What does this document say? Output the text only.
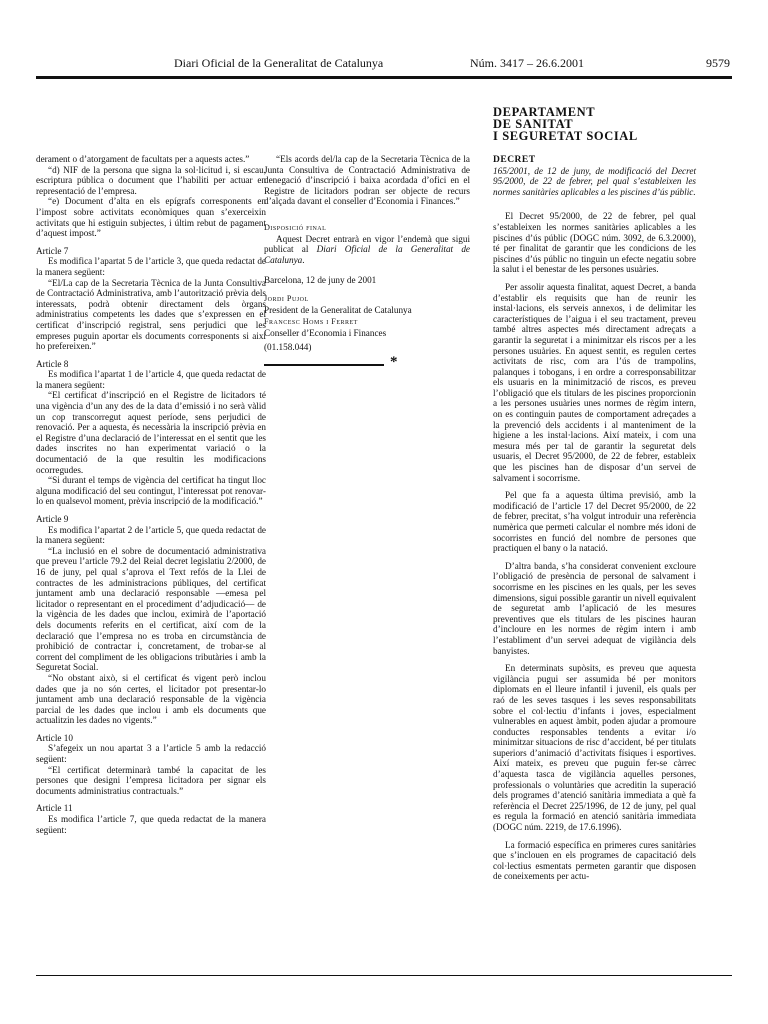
Diari Oficial de la Generalitat de Catalunya	Núm. 3417 – 26.6.2001	9579

derament o d’atorgament de facultats per a aquests actes.”

“d) NIF de la persona que signa la sol·licitud i, si escau, escriptura pública o document que l’habiliti per actuar en representació de l’empresa.

“e) Document d’alta en els epígrafs corresponents en l’impost sobre activitats econòmiques quan s’exerceixin activitats que hi estiguin subjectes, i últim rebut de pagament d’aquest impost.”

Article 7

Es modifica l’apartat 5 de l’article 3, que queda redactat de la manera següent:

“El/La cap de la Secretaria Tècnica de la Junta Consultiva de Contractació Administrativa, amb l’autorització prèvia dels interessats, podrà obtenir directament dels òrgans administratius competents les dades que s’expressen en el certificat d’inscripció registral, sens perjudici que les empreses puguin aportar els documents corresponents si així ho prefereixen.”

Article 8

Es modifica l’apartat 1 de l’article 4, que queda redactat de la manera següent:

“El certificat d’inscripció en el Registre de licitadors té una vigència d’un any des de la data d’emissió i no serà vàlid un cop transcorregut aquest període, sens perjudici de renovació. Per a aquesta, és necessària la inscripció prèvia en el Registre d’una declaració de l’interessat en el sentit que les dades inscrites no han experimentat variació o la documentació de la que resultin les modificacions ocorregudes.

“Si durant el temps de vigència del certificat ha tingut lloc alguna modificació del seu contingut, l’interessat pot renovar-lo en qualsevol moment, prèvia inscripció de la modificació.”

Article 9

Es modifica l’apartat 2 de l’article 5, que queda redactat de la manera següent:

“La inclusió en el sobre de documentació administrativa que preveu l’article 79.2 del Reial decret legislatiu 2/2000, de 16 de juny, pel qual s’aprova el Text refós de la Llei de contractes de les administracions públiques, del certificat juntament amb una declaració responsable —emesa pel licitador o representant en el procediment d’adjudicació— de la vigència de les dades que inclou, eximirà de l’aportació dels documents referits en el certificat, així com de la declaració que l’empresa no es troba en circumstància de prohibició de contractar i, concretament, de trobar-se al corrent del compliment de les obligacions tributàries i amb la Seguretat Social.

“No obstant això, si el certificat és vigent però inclou dades que ja no són certes, el licitador pot presentar-lo juntament amb una declaració responsable de la vigència parcial de les dades que inclou i amb els documents que actualitzin les dades no vigents.”

Article 10

S’afegeix un nou apartat 3 a l’article 5 amb la redacció següent:

“El certificat determinarà també la capacitat de les persones que designi l’empresa licitadora per signar els documents administratius contractuals.”

Article 11

Es modifica l’article 7, que queda redactat de la manera següent:

“Els acords del/la cap de la Secretaria Tècnica de la Junta Consultiva de Contractació Administrativa de denegació d’inscripció i baixa acordada d’ofici en el Registre de licitadors podran ser objecte de recurs d’alçada davant el conseller d’Economia i Finances.”

Disposició final

Aquest Decret entrarà en vigor l’endemà que sigui publicat al Diari Oficial de la Generalitat de Catalunya.

Barcelona, 12 de juny de 2001

Jordi Pujol

President de la Generalitat de Catalunya

Francesc Homs i Ferret

Conseller d’Economia i Finances

(01.158.044)

*

DEPARTAMENT
DE SANITAT
I SEGURETAT SOCIAL

DECRET

165/2001, de 12 de juny, de modificació del Decret 95/2000, de 22 de febrer, pel qual s’estableixen les normes sanitàries aplicables a les piscines d’ús públic.

El Decret 95/2000, de 22 de febrer, pel qual s’estableixen les normes sanitàries aplicables a les piscines d’ús públic (DOGC núm. 3092, de 6.3.2000), té per finalitat de garantir que les condicions de les piscines d’ús públic no tinguin un efecte negatiu sobre la salut i el benestar de les persones usuàries.

Per assolir aquesta finalitat, aquest Decret, a banda d’establir els requisits que han de reunir les instal·lacions, els serveis annexos, i de delimitar les característiques de l’aigua i el seu tractament, preveu també altres aspectes més directament adreçats a garantir la seguretat i a minimitzar els riscos per a les persones usuàries. En aquest sentit, es regulen certes activitats de risc, com ara l’ús de trampolins, palanques i tobogans, i en ordre a corresponsabilitzar els usuaris en la minimització de riscos, es preveu l’obligació que els titulars de les piscines proporcionin a les persones usuàries unes normes de règim intern, on es continguin pautes de comportament adreçades a la prevenció dels accidents i al manteniment de la higiene a les instal·lacions. Així mateix, i com una mesura més per tal de garantir la seguretat dels usuaris, el Decret 95/2000, de 22 de febrer, estableix que les piscines han de disposar d’un servei de salvament i socorrisme.

Pel que fa a aquesta última previsió, amb la modificació de l’article 17 del Decret 95/2000, de 22 de febrer, precitat, s’ha volgut introduir una referència numèrica que permeti calcular el nombre més idoni de socorristes en funció del nombre de persones que practiquen el bany o la natació.

D’altra banda, s’ha considerat convenient excloure l’obligació de presència de personal de salvament i socorrisme en les piscines en les quals, per les seves dimensions, sigui possible garantir un nivell equivalent de seguretat amb l’aplicació de les mesures preventives que els titulars de les piscines hauran d’incloure en les normes de règim intern i amb l’establiment d’un servei adequat de vigilància dels banyistes.

En determinats supòsits, es preveu que aquesta vigilància pugui ser assumida bé per monitors diplomats en el lleure infantil i juvenil, els quals per raó de les seves tasques i les seves responsabilitats sobre el col·lectiu d’infants i joves, especialment vulnerables en aquest àmbit, poden ajudar a promoure conductes responsables tendents a evitar i/o minimitzar situacions de risc d’accident, bé per titulats superiors d’animació d’activitats físiques i esportives. Així mateix, es preveu que puguin fer-se càrrec d’aquesta tasca de vigilància aquelles persones, professionals o voluntàries que acreditin la superació dels programes d’atenció sanitària immediata a què fa referència el Decret 225/1996, de 12 de juny, pel qual es regula la formació en atenció sanitària immediata (DOGC núm. 2219, de 17.6.1996).

La formació específica en primeres cures sanitàries que s’inclouen en els programes de capacitació dels col·lectius esmentats permeten garantir que disposen de coneixements per actu-
